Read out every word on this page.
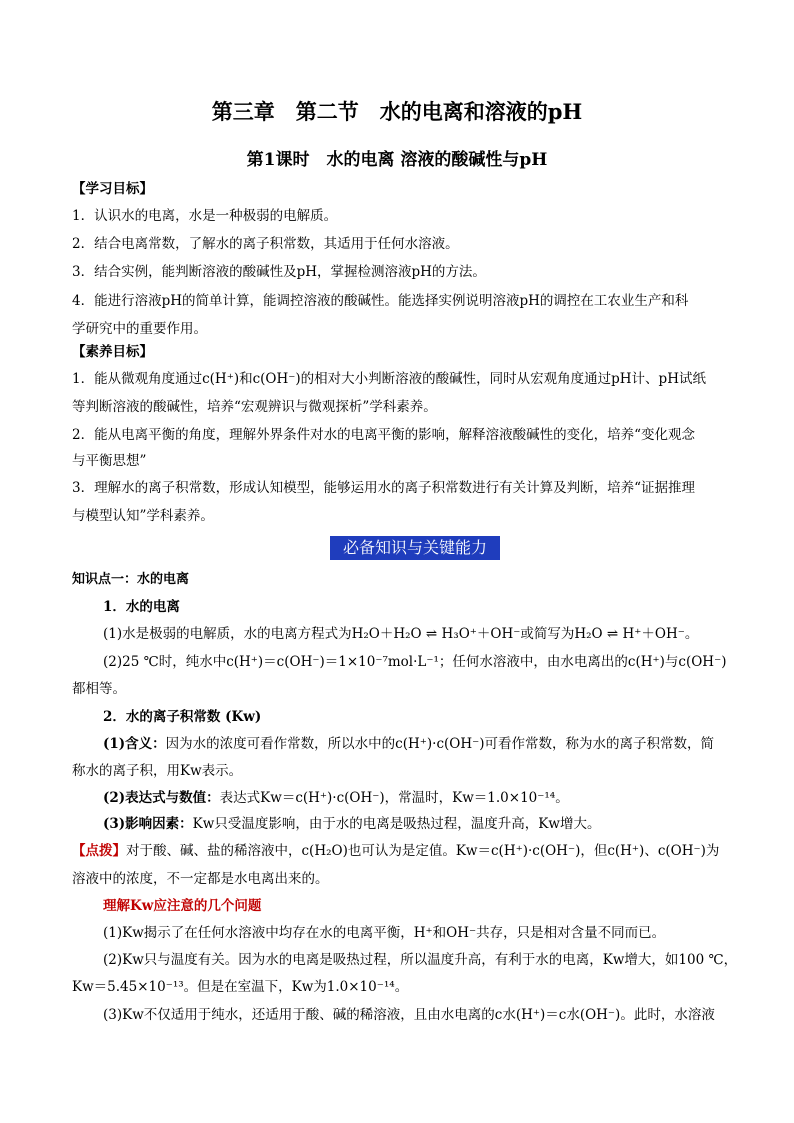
第三章　第二节　水的电离和溶液的pH
第1课时　水的电离 溶液的酸碱性与pH
【学习目标】
1．认识水的电离，水是一种极弱的电解质。
2．结合电离常数，了解水的离子积常数，其适用于任何水溶液。
3．结合实例，能判断溶液的酸碱性及pH，掌握检测溶液pH的方法。
4．能进行溶液pH的简单计算，能调控溶液的酸碱性。能选择实例说明溶液pH的调控在工农业生产和科
学研究中的重要作用。
【素养目标】
1．能从微观角度通过c(H⁺)和c(OH⁻)的相对大小判断溶液的酸碱性，同时从宏观角度通过pH计、pH试纸
等判断溶液的酸碱性，培养“宏观辨识与微观探析”学科素养。
2．能从电离平衡的角度，理解外界条件对水的电离平衡的影响，解释溶液酸碱性的变化，培养“变化观念
与平衡思想”
3．理解水的离子积常数，形成认知模型，能够运用水的离子积常数进行有关计算及判断，培养“证据推理
与模型认知”学科素养。
必备知识与关键能力
知识点一：水的电离
1．水的电离
(1)水是极弱的电解质，水的电离方程式为H₂O＋H₂O ⇌ H₃O⁺＋OH⁻或简写为H₂O ⇌ H⁺＋OH⁻。
(2)25 ℃时，纯水中c(H⁺)＝c(OH⁻)＝1×10⁻⁷mol·L⁻¹；任何水溶液中，由水电离出的c(H⁺)与c(OH⁻)
都相等。
2．水的离子积常数 (Kw)
(1)含义：因为水的浓度可看作常数，所以水中的c(H⁺)·c(OH⁻)可看作常数，称为水的离子积常数，简
称水的离子积，用Kw表示。
(2)表达式与数值：表达式Kw＝c(H⁺)·c(OH⁻)，常温时，Kw＝1.0×10⁻¹⁴。
(3)影响因素：Kw只受温度影响，由于水的电离是吸热过程，温度升高，Kw增大。
【点拨】对于酸、碱、盐的稀溶液中，c(H₂O)也可认为是定值。Kw＝c(H⁺)·c(OH⁻)，但c(H⁺)、c(OH⁻)为
溶液中的浓度，不一定都是水电离出来的。
理解Kw应注意的几个问题
(1)Kw揭示了在任何水溶液中均存在水的电离平衡，H⁺和OH⁻共存，只是相对含量不同而已。
(2)Kw只与温度有关。因为水的电离是吸热过程，所以温度升高，有利于水的电离，Kw增大，如100 ℃，
Kw＝5.45×10⁻¹³。但是在室温下，Kw为1.0×10⁻¹⁴。
(3)Kw不仅适用于纯水，还适用于酸、碱的稀溶液，且由水电离的c水(H⁺)＝c水(OH⁻)。此时，水溶液
